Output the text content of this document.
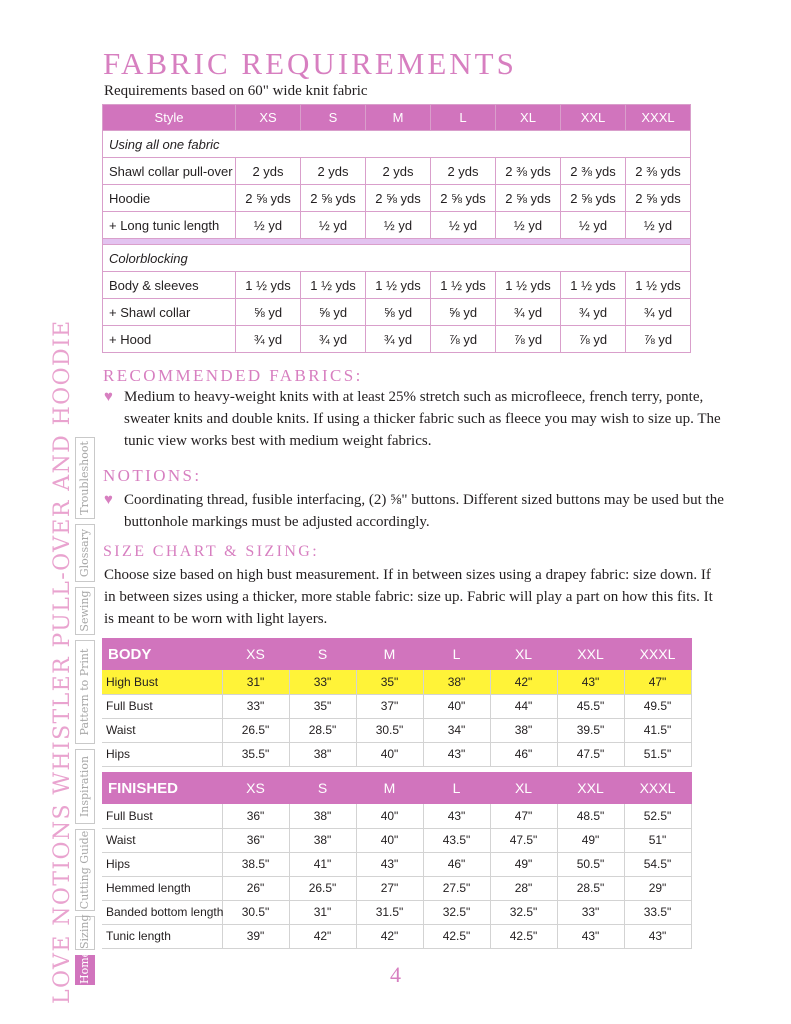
LOVE NOTIONS WHISTLER PULL-OVER AND HOODIE Home
Sizing
Cutting Guide
Inspiration
Pattern to Print
Sewing
Glossary
Troubleshoot
FABRIC REQUIREMENTS
Requirements based on 60" wide knit fabric
Style	XS	S	M	L	XL	XXL	XXXL
Using all one fabric							
Shawl collar pull-over	2 yds	2 yds	2 yds	2 yds	2 ⅜ yds	2 ⅜ yds	2 ⅜ yds
Hoodie	2 ⅝ yds	2 ⅝ yds	2 ⅝ yds	2 ⅝ yds	2 ⅝ yds	2 ⅝ yds	2 ⅝ yds
+ Long tunic length	½ yd	½ yd	½ yd	½ yd	½ yd	½ yd	½ yd

Colorblocking							
Body & sleeves	1 ½ yds	1 ½ yds	1 ½ yds	1 ½ yds	1 ½ yds	1 ½ yds	1 ½ yds
+ Shawl collar	⅝ yd	⅝ yd	⅝ yd	⅝ yd	¾ yd	¾ yd	¾ yd
+ Hood	¾ yd	¾ yd	¾ yd	⅞ yd	⅞ yd	⅞ yd	⅞ yd
RECOMMENDED FABRICS:
♥ Medium to heavy-weight knits with at least 25% stretch such as microfleece, french terry, ponte, sweater knits and double knits. If using a thicker fabric such as fleece you may wish to size up. The tunic view works best with medium weight fabrics.
NOTIONS:
♥ Coordinating thread, fusible interfacing, (2) ⅝" buttons. Different sized buttons may be used but the buttonhole markings must be adjusted accordingly.
SIZE CHART & SIZING:
Choose size based on high bust measurement. If in between sizes using a drapey fabric: size down. If in between sizes using a thicker, more stable fabric: size up. Fabric will play a part on how this fits. It is meant to be worn with light layers.
BODY	XS	S	M	L	XL	XXL	XXXL
High Bust	31"	33"	35"	38"	42"	43"	47"
Full Bust	33"	35"	37"	40"	44"	45.5"	49.5"
Waist	26.5"	28.5"	30.5"	34"	38"	39.5"	41.5"
Hips	35.5"	38"	40"	43"	46"	47.5"	51.5"
FINISHED	XS	S	M	L	XL	XXL	XXXL
Full Bust	36"	38"	40"	43"	47"	48.5"	52.5"
Waist	36"	38"	40"	43.5"	47.5"	49"	51"
Hips	38.5"	41"	43"	46"	49"	50.5"	54.5"
Hemmed length	26"	26.5"	27"	27.5"	28"	28.5"	29"
Banded bottom length	30.5"	31"	31.5"	32.5"	32.5"	33"	33.5"
Tunic length	39"	42"	42"	42.5"	42.5"	43"	43"
4
